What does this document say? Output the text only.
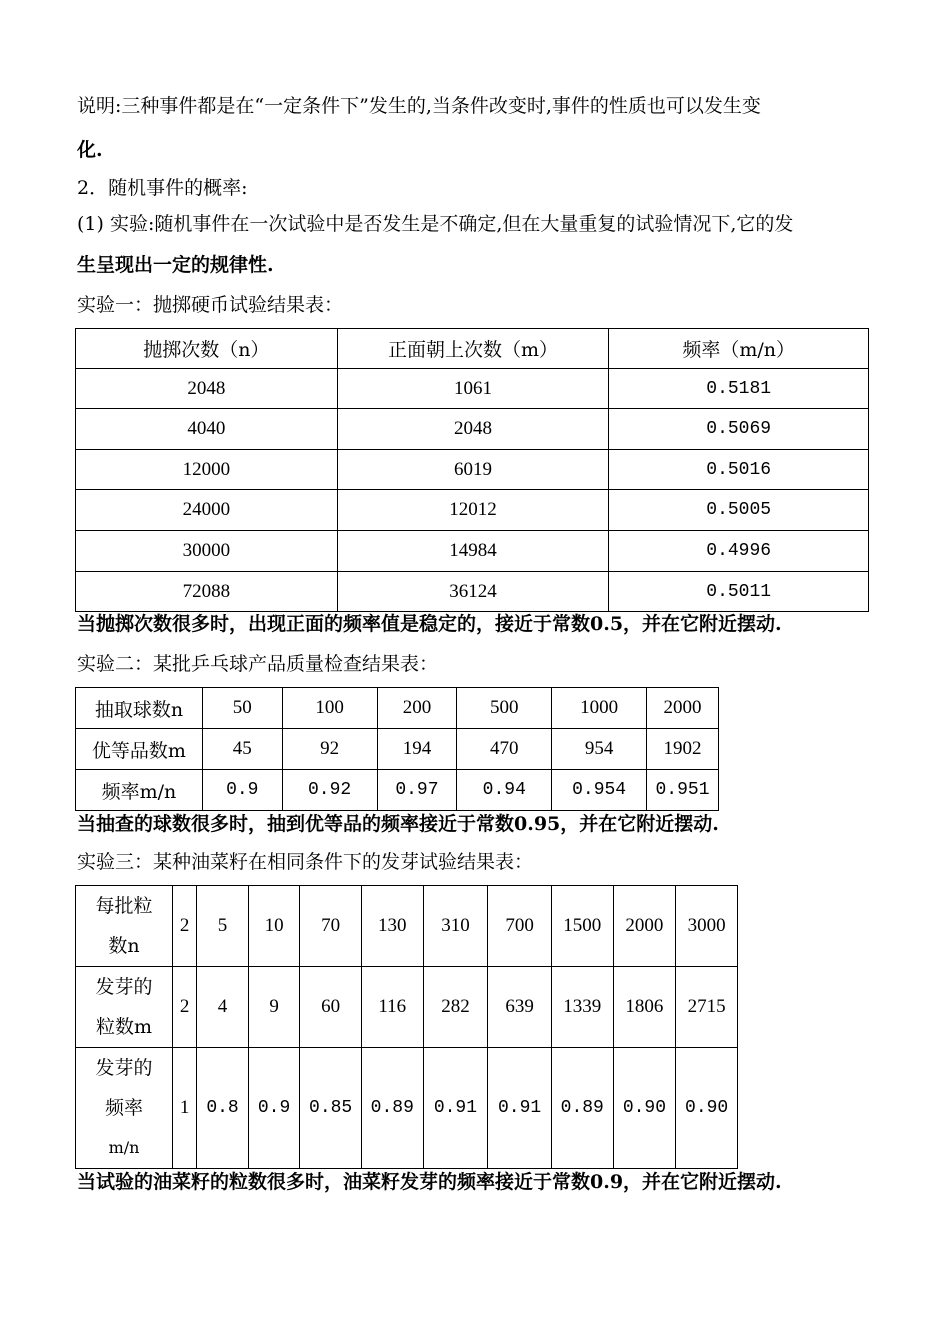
说明:三种事件都是在“一定条件下”发生的,当条件改变时,事件的性质也可以发生变
化.
2．随机事件的概率:
(1) 实验:随机事件在一次试验中是否发生是不确定,但在大量重复的试验情况下,它的发
生呈现出一定的规律性.
实验一：抛掷硬币试验结果表：
抛掷次数（n）	正面朝上次数（m）	频率（m/n）
2048	1061	0.5181
4040	2048	0.5069
12000	6019	0.5016
24000	12012	0.5005
30000	14984	0.4996
72088	36124	0.5011
当抛掷次数很多时，出现正面的频率值是稳定的，接近于常数0.5，并在它附近摆动.
实验二：某批乒乓球产品质量检查结果表：
抽取球数n	50	100	200	500	1000	2000
优等品数m	45	92	194	470	954	1902
频率m/n	0.9	0.92	0.97	0.94	0.954	0.951
当抽查的球数很多时，抽到优等品的频率接近于常数0.95，并在它附近摆动.
实验三：某种油菜籽在相同条件下的发芽试验结果表：
每批粒
数n	2	5	10	70	130	310	700	1500	2000	3000

发芽的
粒数m	2	4	9	60	116	282	639	1339	1806	2715

发芽的
频率
m/n	1	0.8	0.9	0.85	0.89	0.91	0.91	0.89	0.90	0.90
当试验的油菜籽的粒数很多时，油菜籽发芽的频率接近于常数0.9，并在它附近摆动.
